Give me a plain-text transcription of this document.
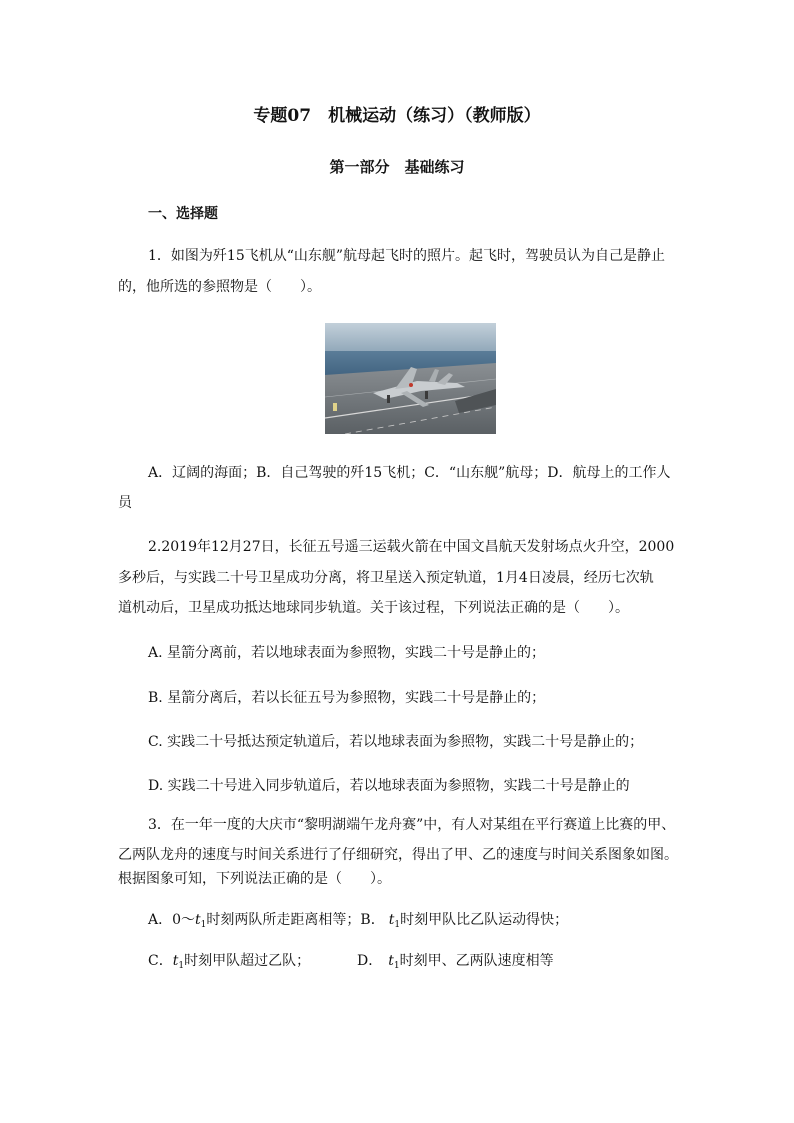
专题07　机械运动（练习）（教师版）
第一部分　基础练习
一、选择题
1．如图为歼15飞机从“山东舰”航母起飞时的照片。起飞时，驾驶员认为自己是静止
的，他所选的参照物是（　　）。
A．辽阔的海面；B．自己驾驶的歼15飞机；C．“山东舰”航母；D．航母上的工作人
员
2.2019年12月27日，长征五号遥三运载火箭在中国文昌航天发射场点火升空，2000
多秒后，与实践二十号卫星成功分离，将卫星送入预定轨道，1月4日凌晨，经历七次轨
道机动后，卫星成功抵达地球同步轨道。关于该过程，下列说法正确的是（　　）。
A. 星箭分离前，若以地球表面为参照物，实践二十号是静止的；
B. 星箭分离后，若以长征五号为参照物，实践二十号是静止的；
C. 实践二十号抵达预定轨道后，若以地球表面为参照物，实践二十号是静止的；
D. 实践二十号进入同步轨道后，若以地球表面为参照物，实践二十号是静止的
3．在一年一度的大庆市“黎明湖端午龙舟赛”中，有人对某组在平行赛道上比赛的甲、
乙两队龙舟的速度与时间关系进行了仔细研究，得出了甲、乙的速度与时间关系图象如图。
根据图象可知，下列说法正确的是（　　）。
A．$0\sim t_1$时刻两队所走距离相等；B． $t_1$时刻甲队比乙队运动得快；
C．$t_1$时刻甲队超过乙队；	D． $t_1$时刻甲、乙两队速度相等
